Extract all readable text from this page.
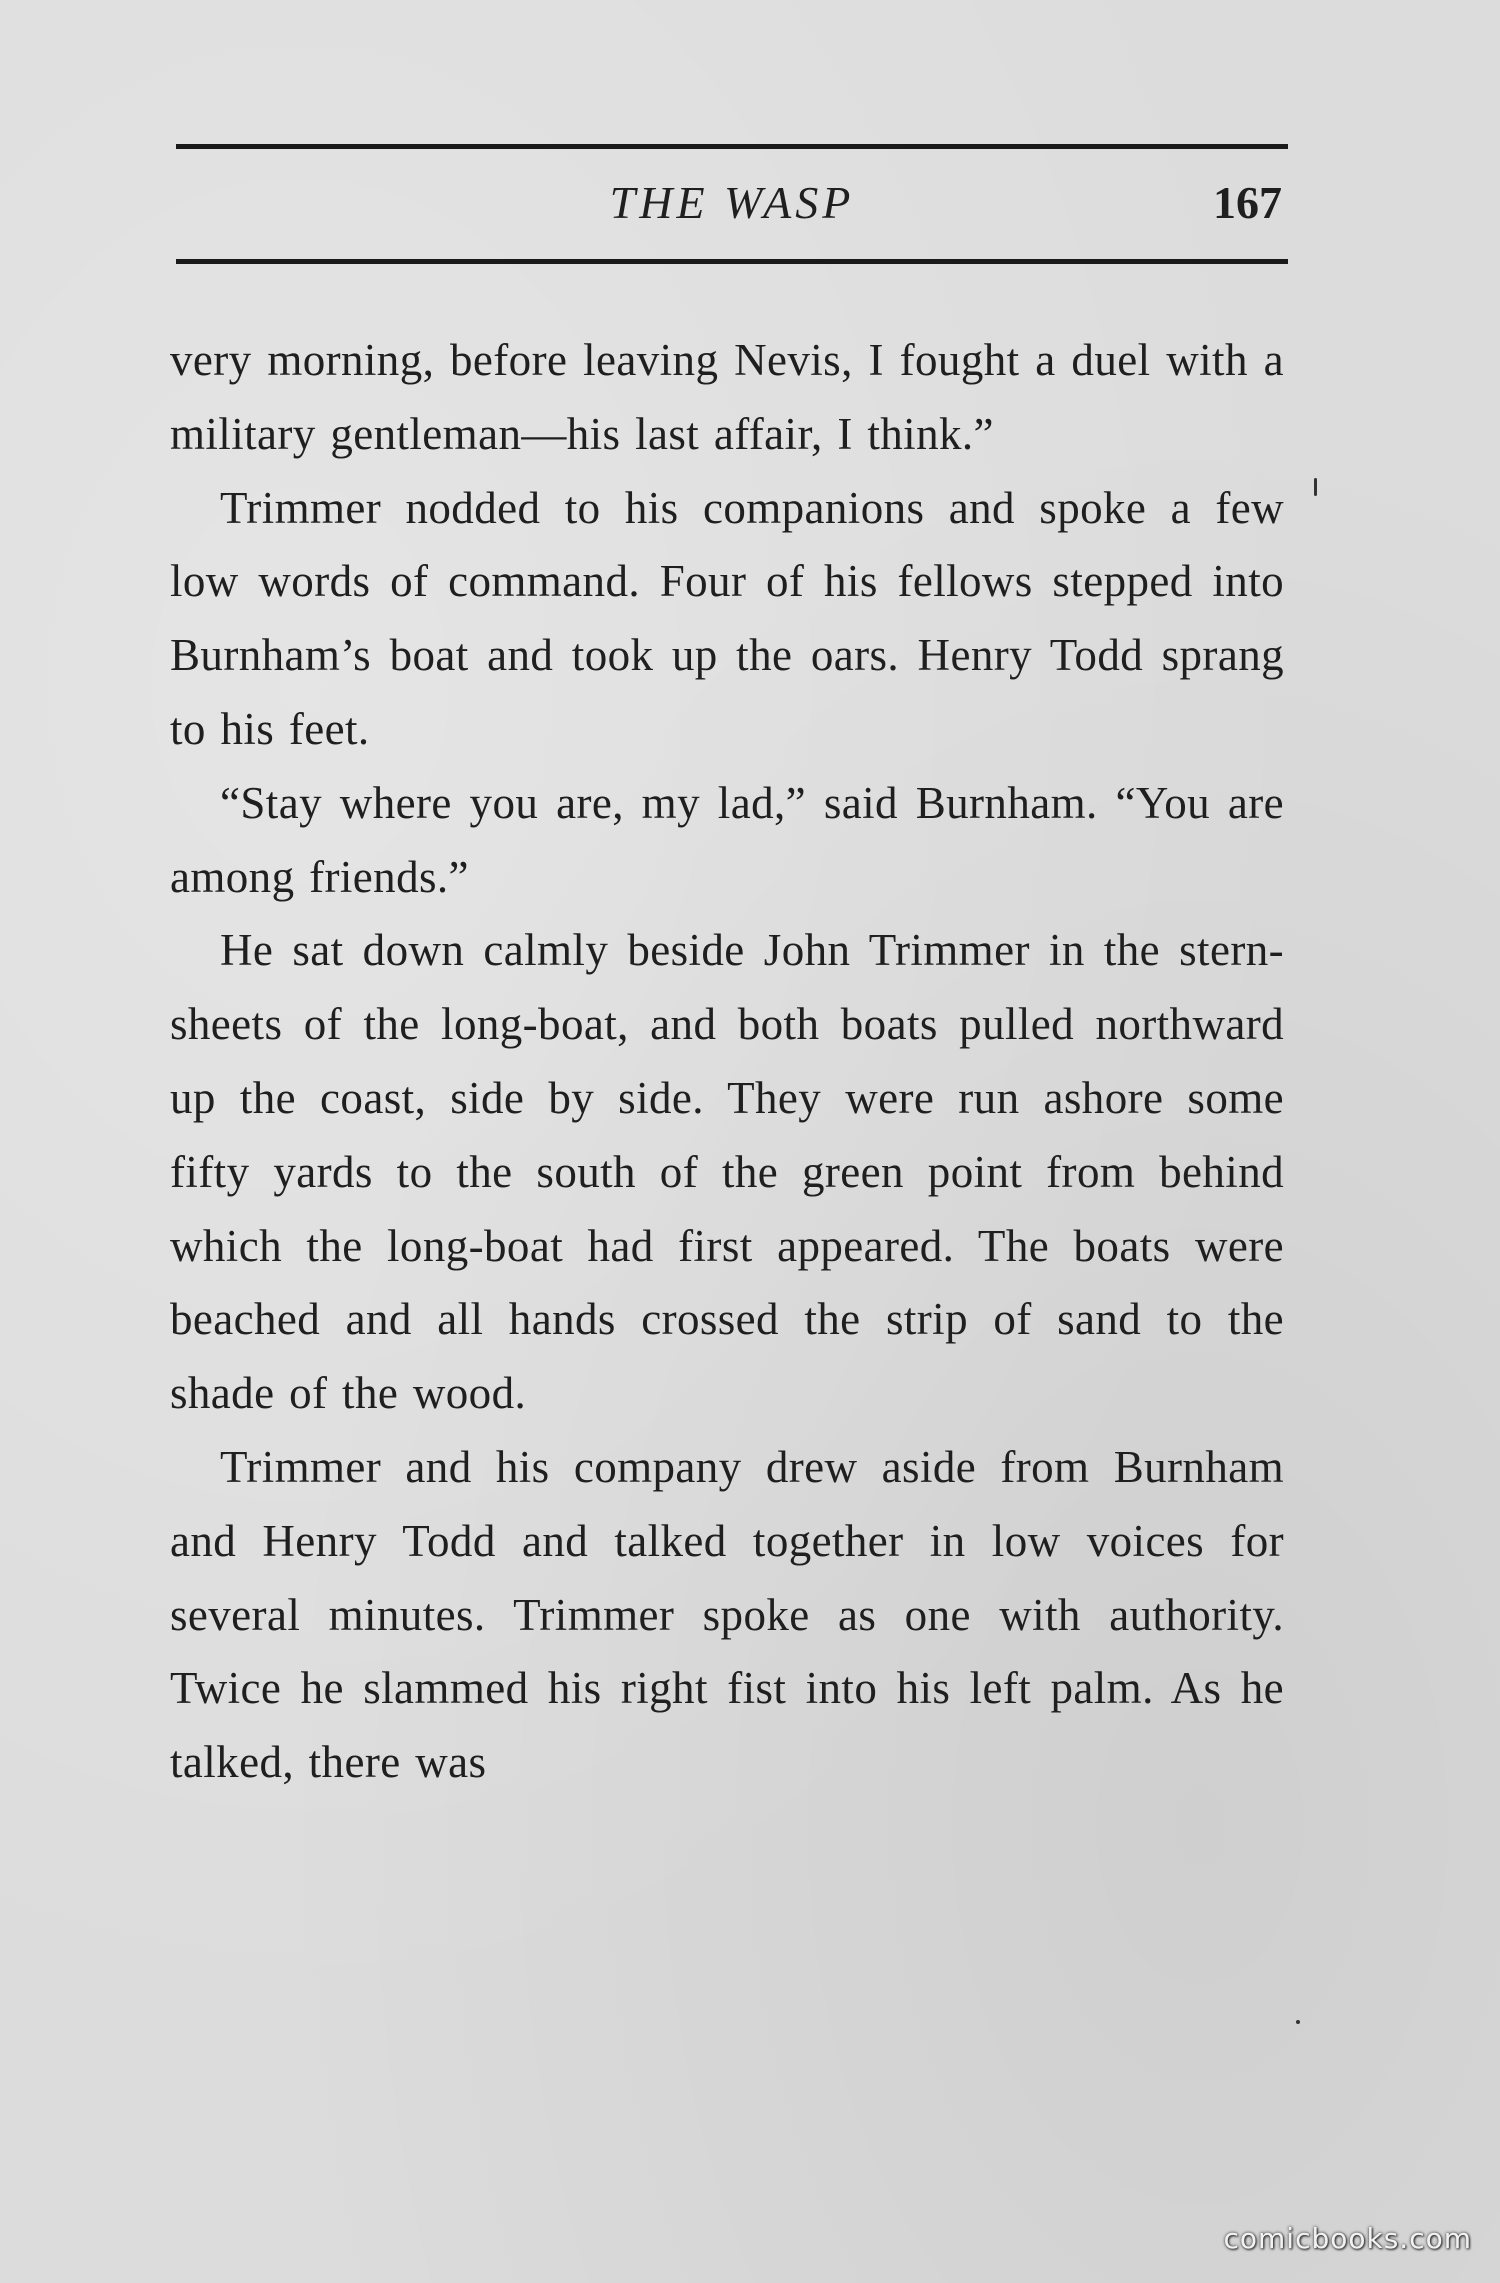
THE WASP	167

very morning, before leaving Nevis, I fought a duel with a military gentleman—his last affair, I think.”

Trimmer nodded to his companions and spoke a few low words of command. Four of his fellows stepped into Burnham’s boat and took up the oars. Henry Todd sprang to his feet.

“Stay where you are, my lad,” said Burnham. “You are among friends.”

He sat down calmly beside John Trimmer in the stern-sheets of the long-boat, and both boats pulled northward up the coast, side by side. They were run ashore some fifty yards to the south of the green point from behind which the long-boat had first appeared. The boats were beached and all hands crossed the strip of sand to the shade of the wood.

Trimmer and his company drew aside from Burnham and Henry Todd and talked together in low voices for several minutes. Trimmer spoke as one with authority. Twice he slammed his right fist into his left palm. As he talked, there was

comicbooks.com
